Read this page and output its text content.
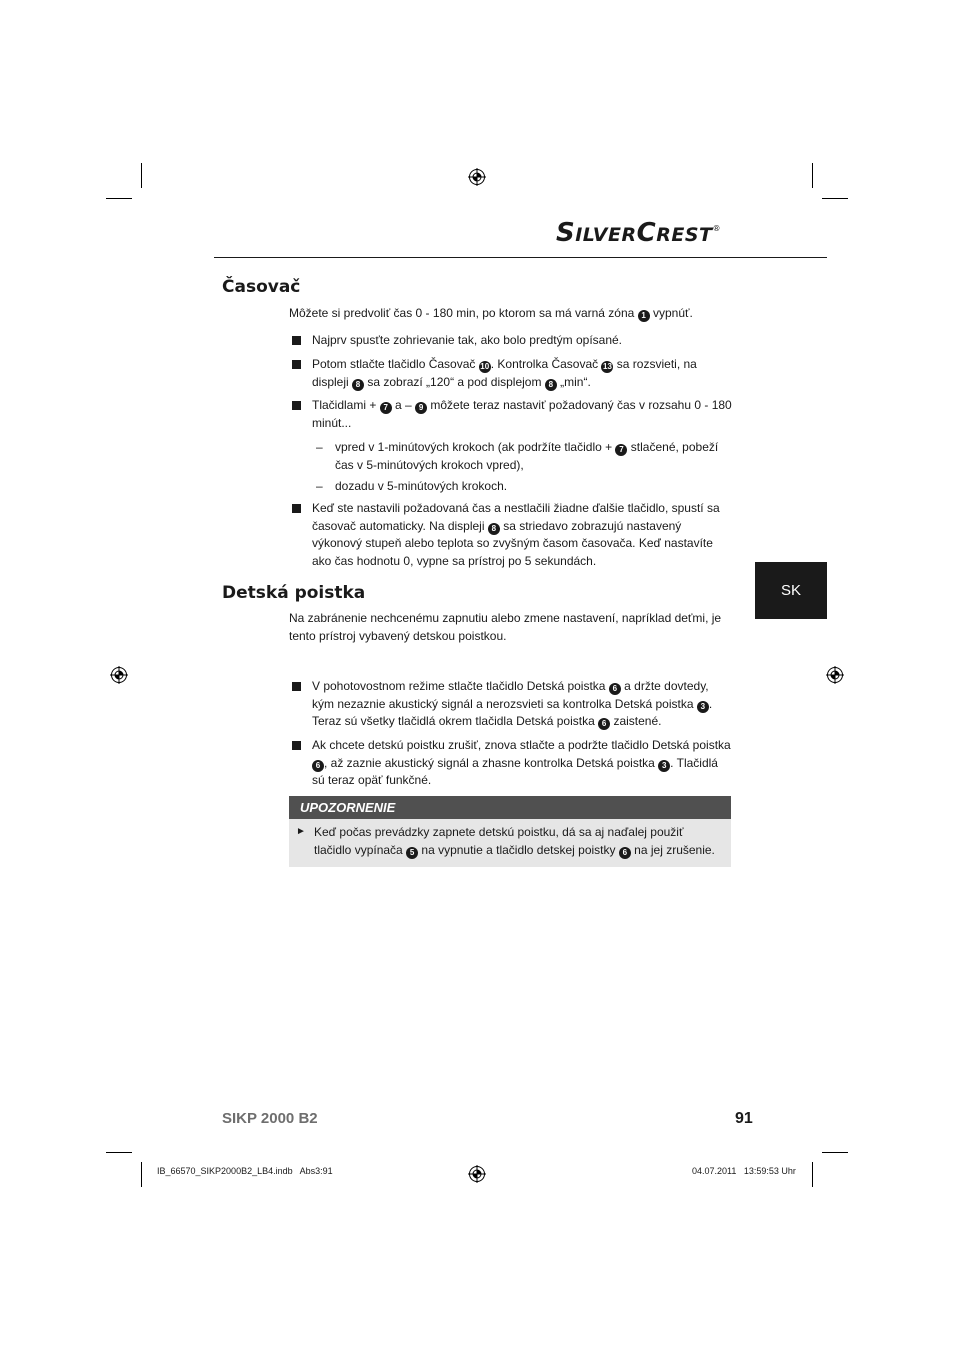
SILVERCREST®
Časovač
Môžete si predvoliť čas 0 - 180 min, po ktorom sa má varná zóna 1 vypnúť.
Najprv spusťte zohrievanie tak, ako bolo predtým opísané.
Potom stlačte tlačidlo Časovač 10 . Kontrolka Časovač 13 sa rozsvieti, na displeji 8 sa zobrazí „120“ a pod displejom 8 „min“.
Tlačidlami + 7 a – 9 môžete teraz nastaviť požadovaný čas v rozsahu 0 - 180 minút...
– vpred v 1-minútových krokoch (ak podržíte tlačidlo + 7 stlačené, pobeží čas v 5-minútových krokoch vpred),
– dozadu v 5-minútových krokoch.
Keď ste nastavili požadovaná čas a nestlačili žiadne ďalšie tlačidlo, spustí sa časovač automaticky. Na displeji 8 sa striedavo zobrazujú nastavený výkonový stupeň alebo teplota so zvyšným časom časovača. Keď nastavíte ako čas hodnotu 0, vypne sa prístroj po 5 sekundách.
SK
Detská poistka
Na zabránenie nechcenému zapnutiu alebo zmene nastavení, napríklad deťmi, je tento prístroj vybavený detskou poistkou.
V pohotovostnom režime stlačte tlačidlo Detská poistka 6 a držte dovtedy, kým nezaznie akustický signál a nerozsvieti sa kontrolka Detská poistka 3 . Teraz sú všetky tlačidlá okrem tlačidla Detská poistka 6 zaistené.
Ak chcete detskú poistku zrušiť, znova stlačte a podržte tlačidlo Detská poistka 6 , až zaznie akustický signál a zhasne kontrolka Detská poistka 3 . Tlačidlá sú teraz opäť funkčné.
UPOZORNENIE
► Keď počas prevádzky zapnete detskú poistku, dá sa aj naďalej použiť tlačidlo vypínača 5 na vypnutie a tlačidlo detskej poistky 6 na jej zrušenie.
SIKP 2000 B2	91
IB_66570_SIKP2000B2_LB4.indb   Abs3:91	04.07.2011   13:59:53 Uhr
